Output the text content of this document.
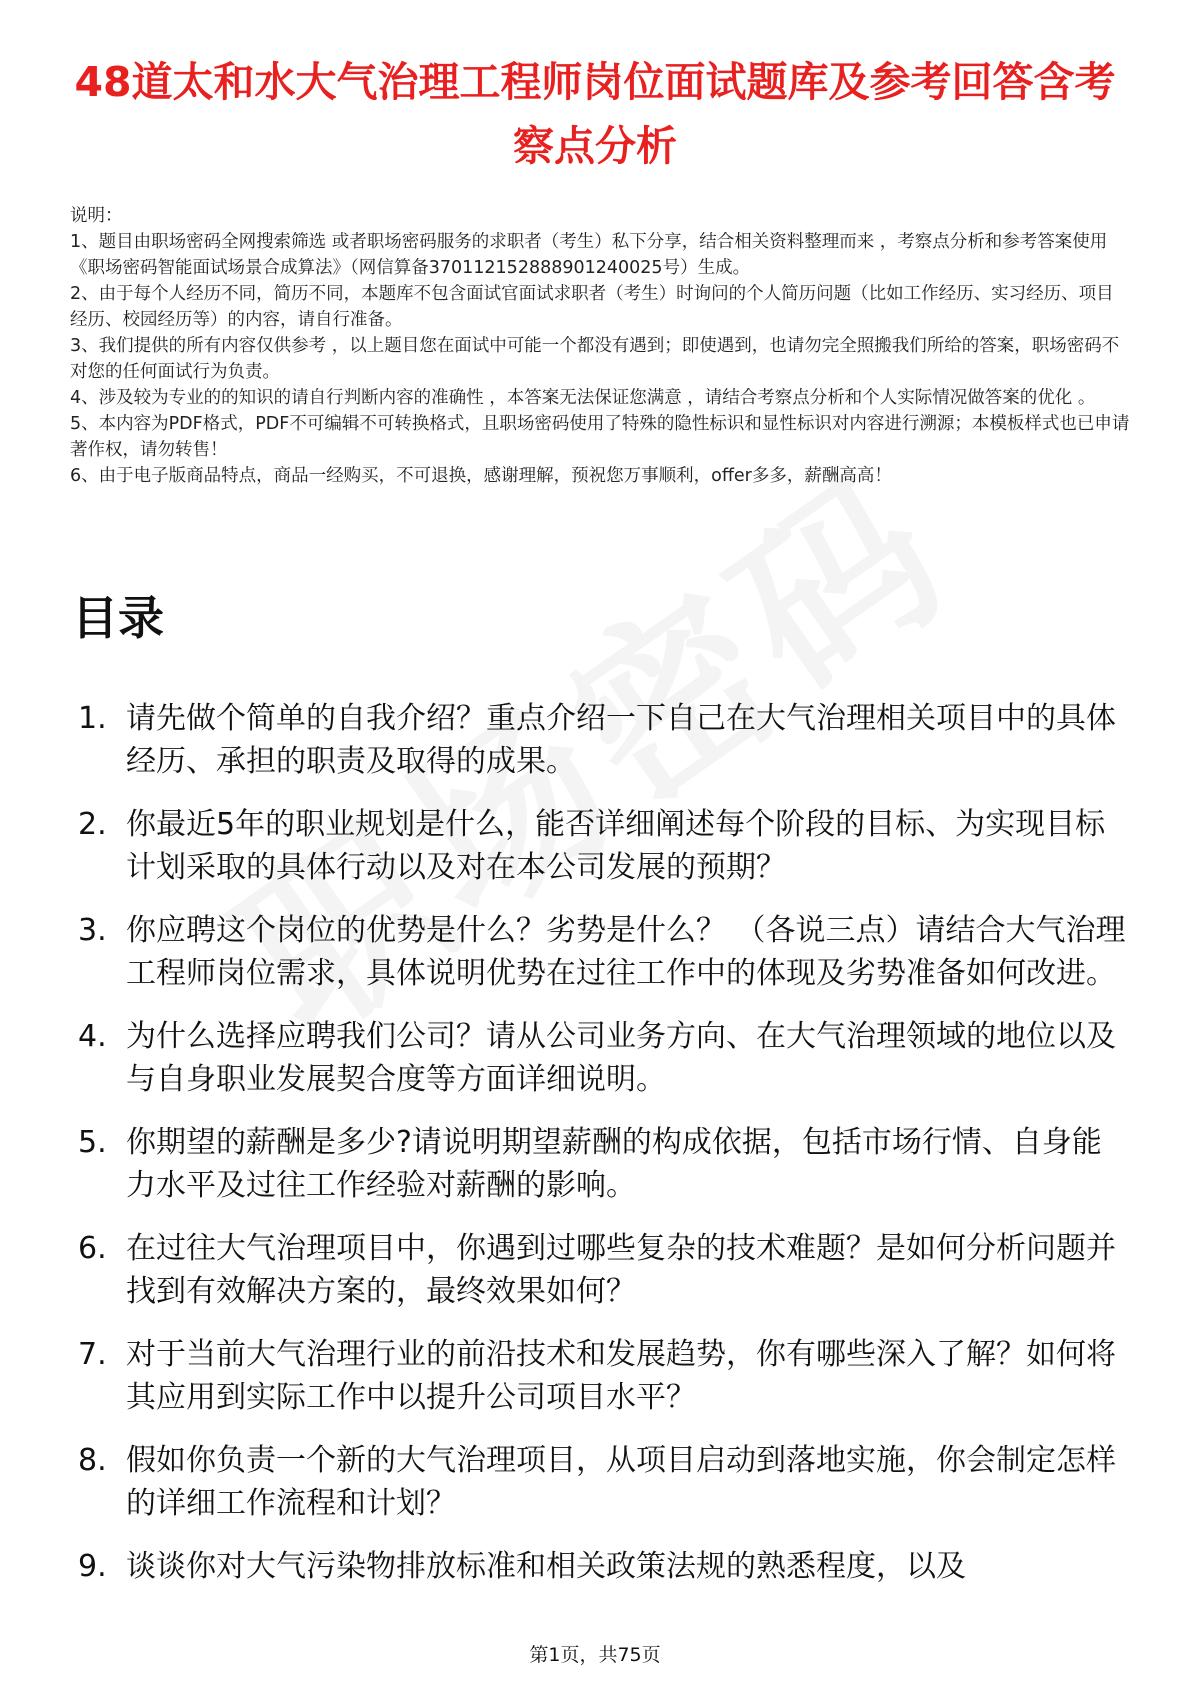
48道太和水大气治理工程师岗位面试题库及参考回答含考察点分析

说明：

1、题目由职场密码全网搜索筛选 或者职场密码服务的求职者（考生）私下分享，结合相关资料整理而来 ，考察点分析和参考答案使用《职场密码智能面试场景合成算法》（网信算备370112152888901240025号）生成。

2、由于每个人经历不同，简历不同，本题库不包含面试官面试求职者（考生）时询问的个人简历问题（比如工作经历、实习经历、项目经历、校园经历等）的内容，请自行准备。

3、我们提供的所有内容仅供参考 ，以上题目您在面试中可能一个都没有遇到；即使遇到，也请勿完全照搬我们所给的答案，职场密码不对您的任何面试行为负责。

4、涉及较为专业的的知识的请自行判断内容的准确性 ，本答案无法保证您满意 ，请结合考察点分析和个人实际情况做答案的优化 。

5、本内容为PDF格式，PDF不可编辑不可转换格式，且职场密码使用了特殊的隐性标识和显性标识对内容进行溯源；本模板样式也已申请著作权，请勿转售！

6、由于电子版商品特点，商品一经购买，不可退换，感谢理解，预祝您万事顺利，offer多多，薪酬高高！

目录
1. 请先做个简单的自我介绍？重点介绍一下自己在大气治理相关项目中的具体经历、承担的职责及取得的成果。
2. 你最近5年的职业规划是什么，能否详细阐述每个阶段的目标、为实现目标计划采取的具体行动以及对在本公司发展的预期？
3. 你应聘这个岗位的优势是什么？劣势是什么？ （各说三点）请结合大气治理工程师岗位需求，具体说明优势在过往工作中的体现及劣势准备如何改进。
4. 为什么选择应聘我们公司？请从公司业务方向、在大气治理领域的地位以及与自身职业发展契合度等方面详细说明。
5. 你期望的薪酬是多少?请说明期望薪酬的构成依据，包括市场行情、自身能力水平及过往工作经验对薪酬的影响。
6. 在过往大气治理项目中，你遇到过哪些复杂的技术难题？是如何分析问题并找到有效解决方案的，最终效果如何？
7. 对于当前大气治理行业的前沿技术和发展趋势，你有哪些深入了解？如何将其应用到实际工作中以提升公司项目水平？
8. 假如你负责一个新的大气治理项目，从项目启动到落地实施，你会制定怎样的详细工作流程和计划？
9. 谈谈你对大气污染物排放标准和相关政策法规的熟悉程度，以及
第1页，共75页
